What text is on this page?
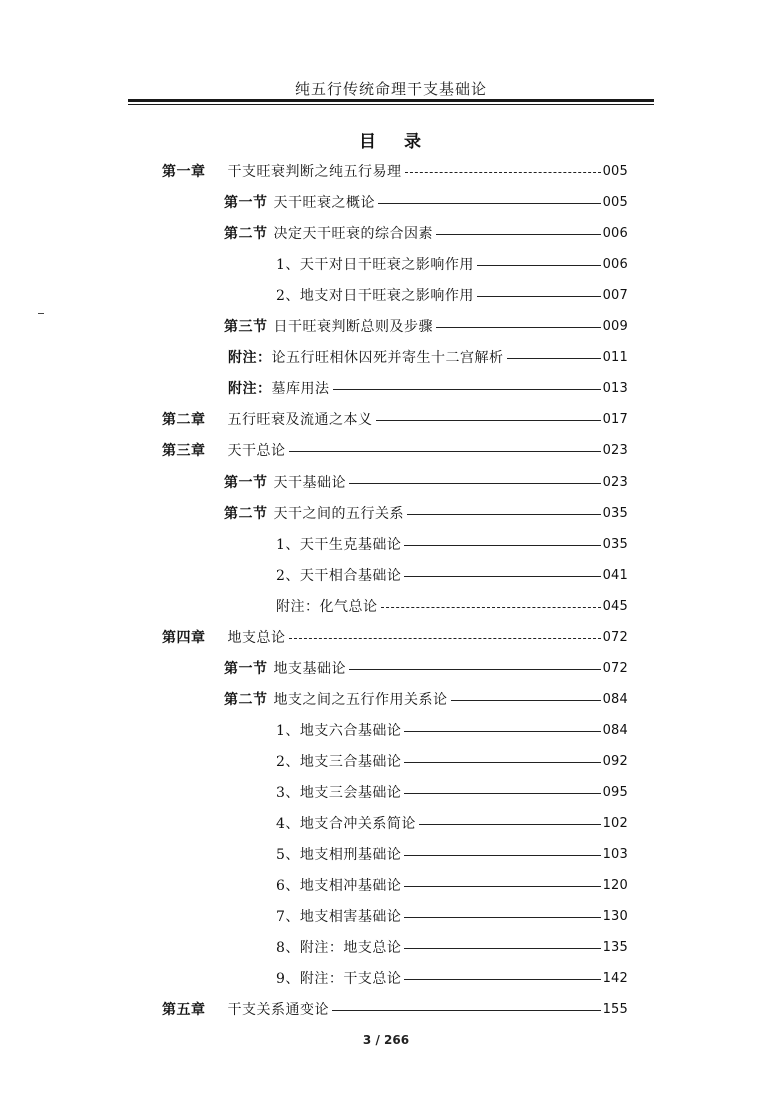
纯五行传统命理干支基础论
目 录
第一章 干支旺衰判断之纯五行易理	005
第一节 天干旺衰之概论	005
第二节 决定天干旺衰的综合因素	006
1、天干对日干旺衰之影响作用	006
2、地支对日干旺衰之影响作用	007
第三节 日干旺衰判断总则及步骤	009
附注： 论五行旺相休囚死并寄生十二宫解析	011
附注： 墓库用法	013
第二章 五行旺衰及流通之本义	017
第三章 天干总论	023
第一节 天干基础论	023
第二节 天干之间的五行关系	035
1、天干生克基础论	035
2、天干相合基础论	041
附注：化气总论	045
第四章 地支总论	072
第一节 地支基础论	072
第二节 地支之间之五行作用关系论	084
1、地支六合基础论	084
2、地支三合基础论	092
3、地支三会基础论	095
4、地支合冲关系简论	102
5、地支相刑基础论	103
6、地支相冲基础论	120
7、地支相害基础论	130
8、附注：地支总论	135
9、附注：干支总论	142
第五章 干支关系通变论	155
3 / 266
